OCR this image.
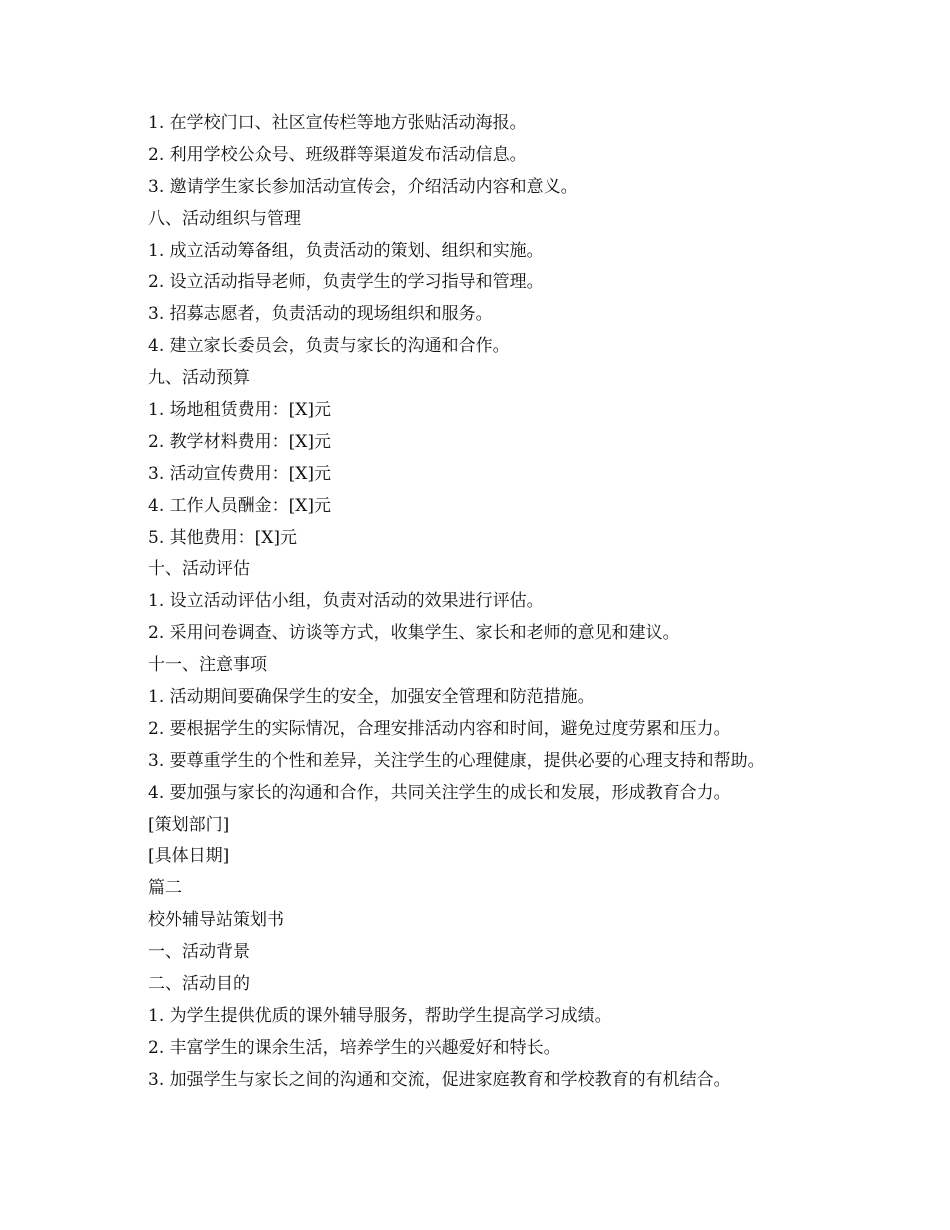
1. 在学校门口、社区宣传栏等地方张贴活动海报。
2. 利用学校公众号、班级群等渠道发布活动信息。
3. 邀请学生家长参加活动宣传会，介绍活动内容和意义。
八、活动组织与管理
1. 成立活动筹备组，负责活动的策划、组织和实施。
2. 设立活动指导老师，负责学生的学习指导和管理。
3. 招募志愿者，负责活动的现场组织和服务。
4. 建立家长委员会，负责与家长的沟通和合作。
九、活动预算
1. 场地租赁费用：[X]元
2. 教学材料费用：[X]元
3. 活动宣传费用：[X]元
4. 工作人员酬金：[X]元
5. 其他费用：[X]元
十、活动评估
1. 设立活动评估小组，负责对活动的效果进行评估。
2. 采用问卷调查、访谈等方式，收集学生、家长和老师的意见和建议。
十一、注意事项
1. 活动期间要确保学生的安全，加强安全管理和防范措施。
2. 要根据学生的实际情况，合理安排活动内容和时间，避免过度劳累和压力。
3. 要尊重学生的个性和差异，关注学生的心理健康，提供必要的心理支持和帮助。
4. 要加强与家长的沟通和合作，共同关注学生的成长和发展，形成教育合力。
[策划部门]
[具体日期]
篇二
校外辅导站策划书
一、活动背景
二、活动目的
1. 为学生提供优质的课外辅导服务，帮助学生提高学习成绩。
2. 丰富学生的课余生活，培养学生的兴趣爱好和特长。
3. 加强学生与家长之间的沟通和交流，促进家庭教育和学校教育的有机结合。
